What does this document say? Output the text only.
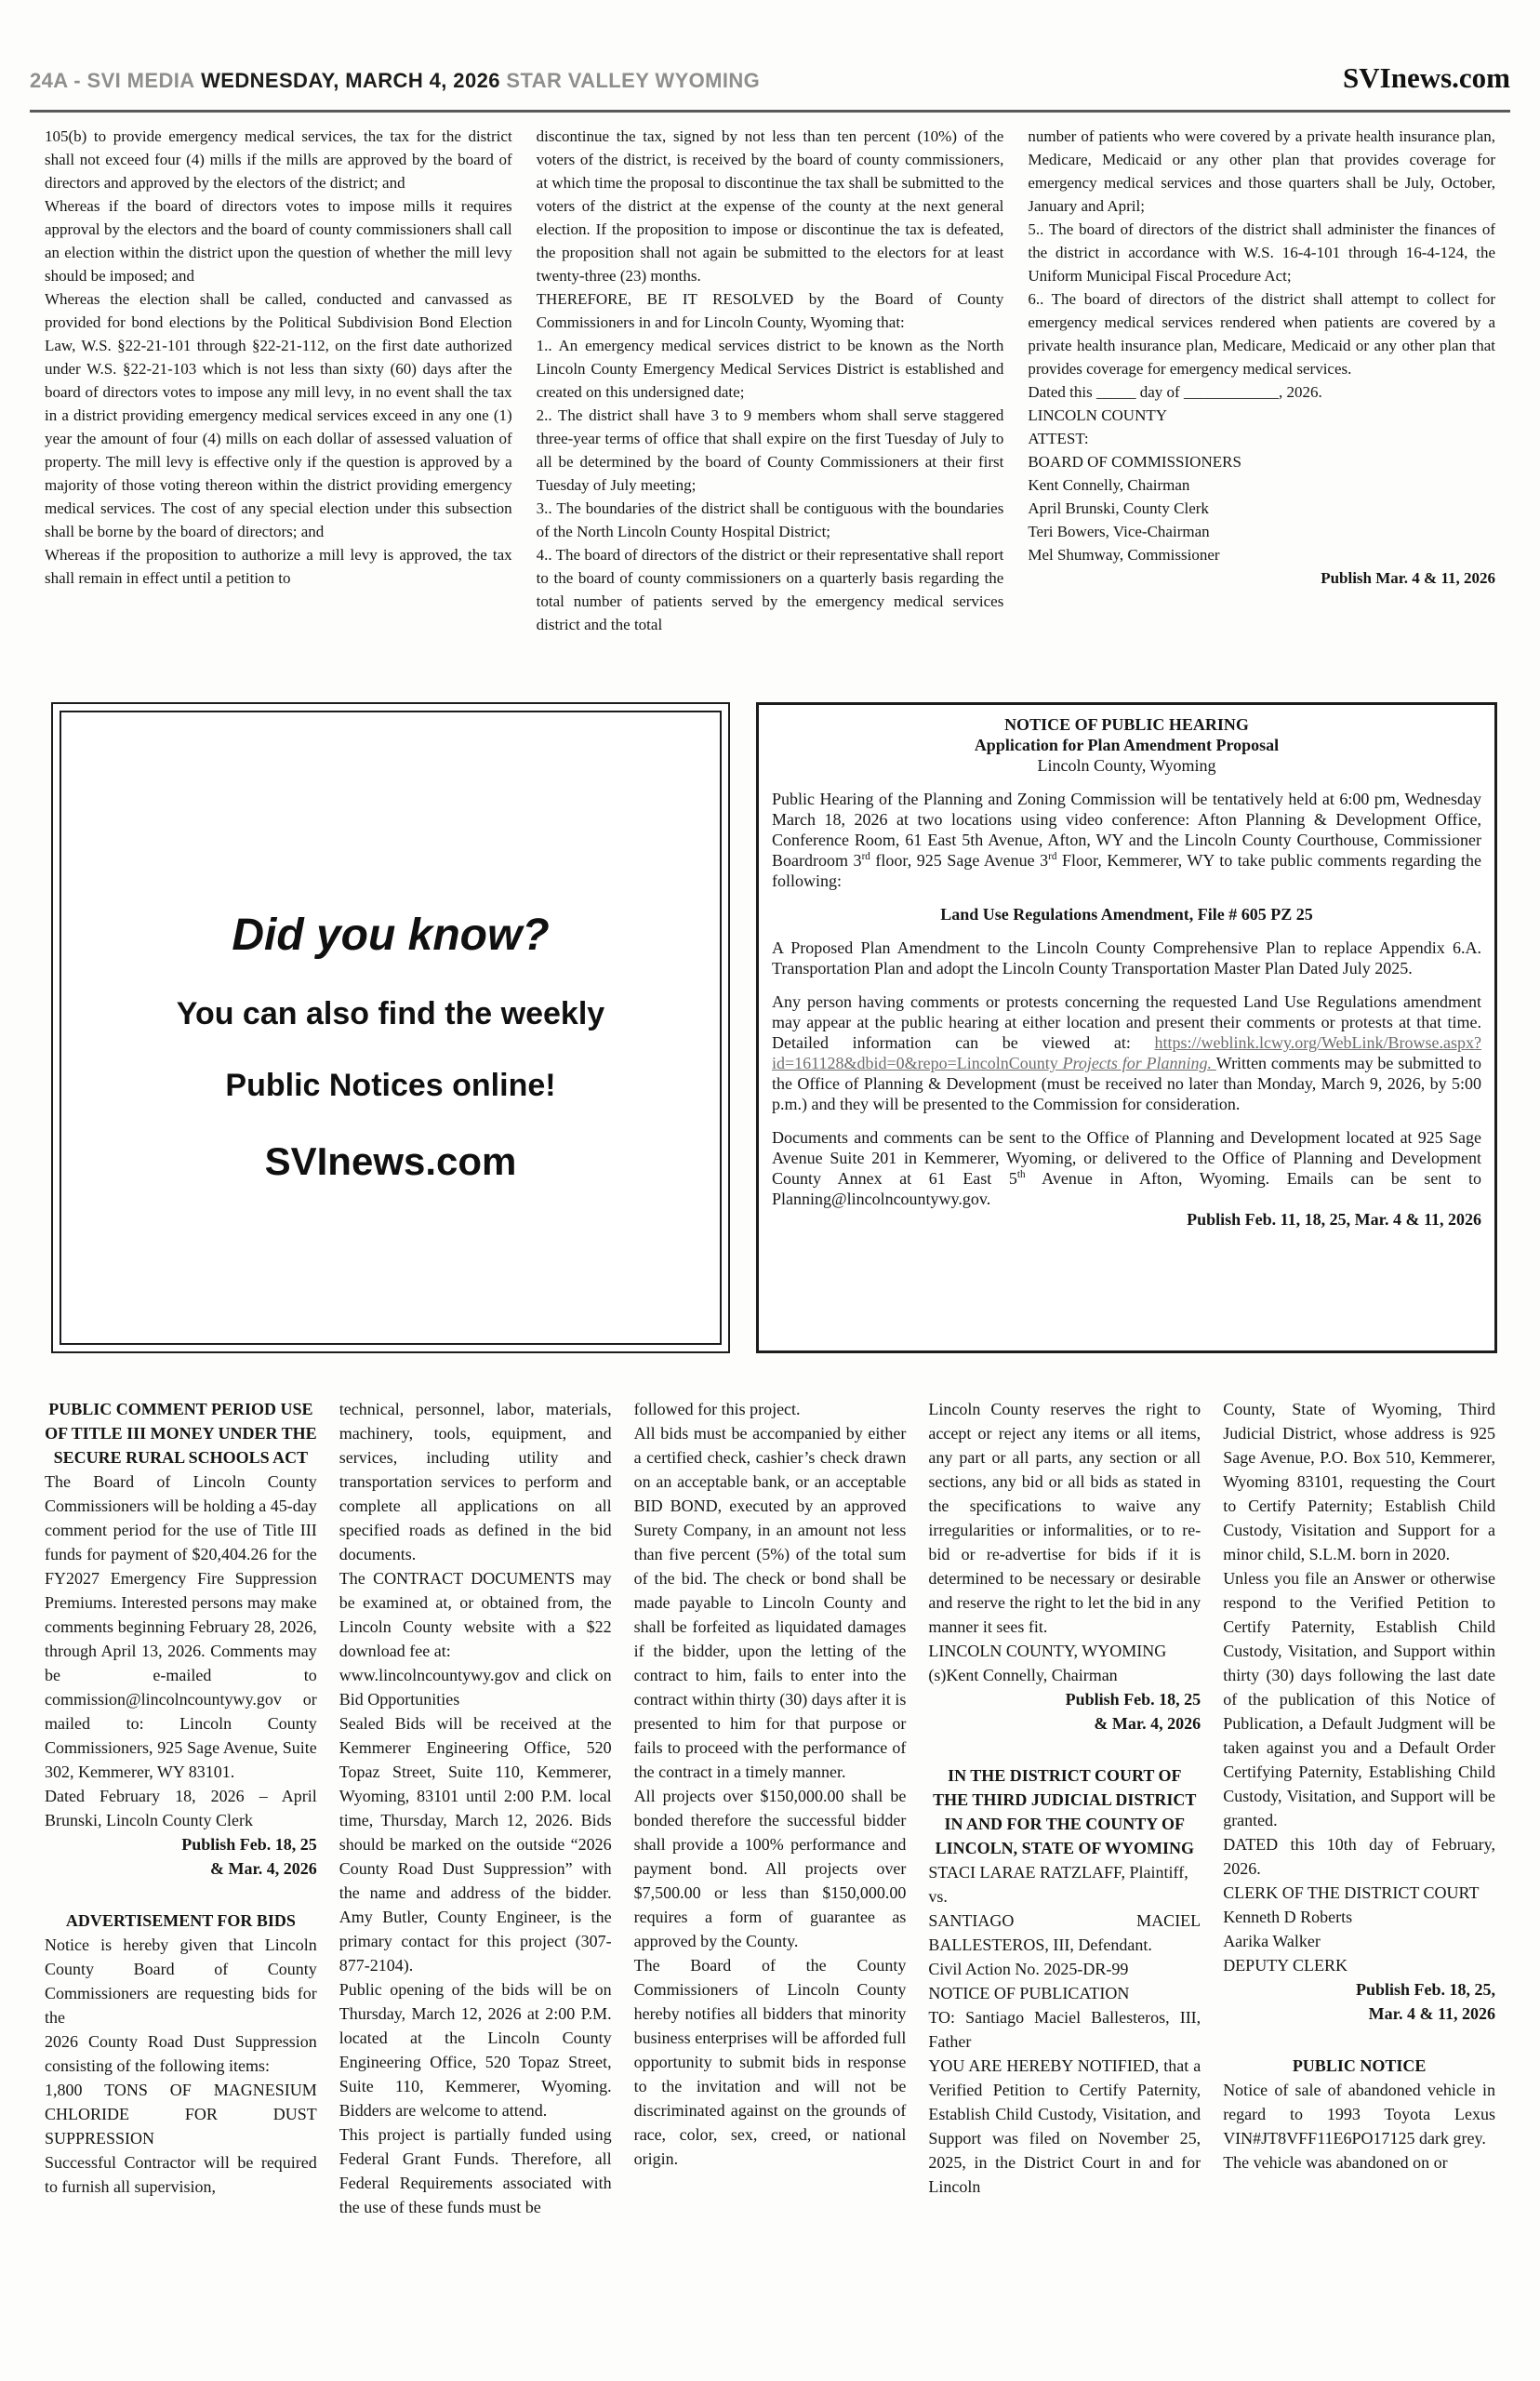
24A - SVI MEDIA WEDNESDAY, MARCH 4, 2026 STAR VALLEY WYOMING	SVInews.com

105(b) to provide emergency medical services, the tax for the district shall not exceed four (4) mills if the mills are approved by the board of directors and approved by the electors of the district; and

Whereas if the board of directors votes to impose mills it requires approval by the electors and the board of county commissioners shall call an election within the district upon the question of whether the mill levy should be imposed; and

Whereas the election shall be called, conducted and canvassed as provided for bond elections by the Political Subdivision Bond Election Law, W.S. §22-21-101 through §22-21-112, on the first date authorized under W.S. §22-21-103 which is not less than sixty (60) days after the board of directors votes to impose any mill levy, in no event shall the tax in a district providing emergency medical services exceed in any one (1) year the amount of four (4) mills on each dollar of assessed valuation of property. The mill levy is effective only if the question is approved by a majority of those voting thereon within the district providing emergency medical services. The cost of any special election under this subsection shall be borne by the board of directors; and

Whereas if the proposition to authorize a mill levy is approved, the tax shall remain in effect until a petition to

discontinue the tax, signed by not less than ten percent (10%) of the voters of the district, is received by the board of county commissioners, at which time the proposal to discontinue the tax shall be submitted to the voters of the district at the expense of the county at the next general election. If the proposition to impose or discontinue the tax is defeated, the proposition shall not again be submitted to the electors for at least twenty-three (23) months.

THEREFORE, BE IT RESOLVED by the Board of County Commissioners in and for Lincoln County, Wyoming that:

1.. An emergency medical services district to be known as the North Lincoln County Emergency Medical Services District is established and created on this undersigned date;

2.. The district shall have 3 to 9 members whom shall serve staggered three-year terms of office that shall expire on the first Tuesday of July to all be determined by the board of County Commissioners at their first Tuesday of July meeting;

3.. The boundaries of the district shall be contiguous with the boundaries of the North Lincoln County Hospital District;

4.. The board of directors of the district or their representative shall report to the board of county commissioners on a quarterly basis regarding the total number of patients served by the emergency medical services district and the total

number of patients who were covered by a private health insurance plan, Medicare, Medicaid or any other plan that provides coverage for emergency medical services and those quarters shall be July, October, January and April;

5.. The board of directors of the district shall administer the finances of the district in accordance with W.S. 16-4-101 through 16-4-124, the Uniform Municipal Fiscal Procedure Act;

6.. The board of directors of the district shall attempt to collect for emergency medical services rendered when patients are covered by a private health insurance plan, Medicare, Medicaid or any other plan that provides coverage for emergency medical services.

Dated this _____ day of ____________, 2026.

LINCOLN COUNTY

ATTEST:

BOARD OF COMMISSIONERS

Kent Connelly, Chairman

April Brunski, County Clerk

Teri Bowers, Vice-Chairman

Mel Shumway, Commissioner

Publish Mar. 4 & 11, 2026

Did you know?
You can also find the weekly
Public Notices online!
SVInews.com

NOTICE OF PUBLIC HEARING

Application for Plan Amendment Proposal

Lincoln County, Wyoming

Public Hearing of the Planning and Zoning Commission will be tentatively held at 6:00 pm, Wednesday March 18, 2026 at two locations using video conference: Afton Planning & Development Office, Conference Room, 61 East 5th Avenue, Afton, WY and the Lincoln County Courthouse, Commissioner Boardroom 3rd floor, 925 Sage Avenue 3rd Floor, Kemmerer, WY to take public comments regarding the following:

Land Use Regulations Amendment, File # 605 PZ 25

A Proposed Plan Amendment to the Lincoln County Comprehensive Plan to replace Appendix 6.A. Transportation Plan and adopt the Lincoln County Transportation Master Plan Dated July 2025.

Any person having comments or protests concerning the requested Land Use Regulations amendment may appear at the public hearing at either location and present their comments or protests at that time. Detailed information can be viewed at: https://weblink.lcwy.org/WebLink/Browse.aspx?id=161128&dbid=0&repo=LincolnCounty Projects for Planning. Written comments may be submitted to the Office of Planning & Development (must be received no later than Monday, March 9, 2026, by 5:00 p.m.) and they will be presented to the Commission for consideration.

Documents and comments can be sent to the Office of Planning and Development located at 925 Sage Avenue Suite 201 in Kemmerer, Wyoming, or delivered to the Office of Planning and Development County Annex at 61 East 5th Avenue in Afton, Wyoming. Emails can be sent to Planning@lincolncountywy.gov.

Publish Feb. 11, 18, 25, Mar. 4 & 11, 2026

PUBLIC COMMENT PERIOD USE OF TITLE III MONEY UNDER THE SECURE RURAL SCHOOLS ACT

The Board of Lincoln County Commissioners will be holding a 45-day comment period for the use of Title III funds for payment of $20,404.26 for the FY2027 Emergency Fire Suppression Premiums. Interested persons may make comments beginning February 28, 2026, through April 13, 2026. Comments may be e-mailed to commission@lincolncountywy.gov or mailed to: Lincoln County Commissioners, 925 Sage Avenue, Suite 302, Kemmerer, WY 83101.

Dated February 18, 2026 – April Brunski, Lincoln County Clerk

Publish Feb. 18, 25

& Mar. 4, 2026

ADVERTISEMENT FOR BIDS

Notice is hereby given that Lincoln County Board of County Commissioners are requesting bids for the

2026 County Road Dust Suppression consisting of the following items:

1,800 TONS OF MAGNESIUM CHLORIDE FOR DUST SUPPRESSION

Successful Contractor will be required to furnish all supervision,

technical, personnel, labor, materials, machinery, tools, equipment, and services, including utility and transportation services to perform and complete all applications on all specified roads as defined in the bid documents.

The CONTRACT DOCUMENTS may be examined at, or obtained from, the Lincoln County website with a $22 download fee at:

www.lincolncountywy.gov and click on Bid Opportunities

Sealed Bids will be received at the Kemmerer Engineering Office, 520 Topaz Street, Suite 110, Kemmerer, Wyoming, 83101 until 2:00 P.M. local time, Thursday, March 12, 2026. Bids should be marked on the outside “2026 County Road Dust Suppression” with the name and address of the bidder. Amy Butler, County Engineer, is the primary contact for this project (307-877-2104).

Public opening of the bids will be on Thursday, March 12, 2026 at 2:00 P.M. located at the Lincoln County Engineering Office, 520 Topaz Street, Suite 110, Kemmerer, Wyoming. Bidders are welcome to attend.

This project is partially funded using Federal Grant Funds. Therefore, all Federal Requirements associated with the use of these funds must be

followed for this project.

All bids must be accompanied by either a certified check, cashier’s check drawn on an acceptable bank, or an acceptable BID BOND, executed by an approved Surety Company, in an amount not less than five percent (5%) of the total sum of the bid. The check or bond shall be made payable to Lincoln County and shall be forfeited as liquidated damages if the bidder, upon the letting of the contract to him, fails to enter into the contract within thirty (30) days after it is presented to him for that purpose or fails to proceed with the performance of the contract in a timely manner.

All projects over $150,000.00 shall be bonded therefore the successful bidder shall provide a 100% performance and payment bond. All projects over $7,500.00 or less than $150,000.00 requires a form of guarantee as approved by the County.

The Board of the County Commissioners of Lincoln County hereby notifies all bidders that minority business enterprises will be afforded full opportunity to submit bids in response to the invitation and will not be discriminated against on the grounds of race, color, sex, creed, or national origin.

Lincoln County reserves the right to accept or reject any items or all items, any part or all parts, any section or all sections, any bid or all bids as stated in the specifications to waive any irregularities or informalities, or to re-bid or re-advertise for bids if it is determined to be necessary or desirable and reserve the right to let the bid in any manner it sees fit.

LINCOLN COUNTY, WYOMING

(s)Kent Connelly, Chairman

Publish Feb. 18, 25

& Mar. 4, 2026

IN THE DISTRICT COURT OF THE THIRD JUDICIAL DISTRICT IN AND FOR THE COUNTY OF LINCOLN, STATE OF WYOMING

STACI LARAE RATZLAFF, Plaintiff,

vs.

SANTIAGO MACIEL BALLESTEROS, III, Defendant.

Civil Action No. 2025-DR-99

NOTICE OF PUBLICATION

TO: Santiago Maciel Ballesteros, III, Father

YOU ARE HEREBY NOTIFIED, that a Verified Petition to Certify Paternity, Establish Child Custody, Visitation, and Support was filed on November 25, 2025, in the District Court in and for Lincoln

County, State of Wyoming, Third Judicial District, whose address is 925 Sage Avenue, P.O. Box 510, Kemmerer, Wyoming 83101, requesting the Court to Certify Paternity; Establish Child Custody, Visitation and Support for a minor child, S.L.M. born in 2020.

Unless you file an Answer or otherwise respond to the Verified Petition to Certify Paternity, Establish Child Custody, Visitation, and Support within thirty (30) days following the last date of the publication of this Notice of Publication, a Default Judgment will be taken against you and a Default Order Certifying Paternity, Establishing Child Custody, Visitation, and Support will be granted.

DATED this 10th day of February, 2026.

CLERK OF THE DISTRICT COURT

Kenneth D Roberts

Aarika Walker

DEPUTY CLERK

Publish Feb. 18, 25,

Mar. 4 & 11, 2026

PUBLIC NOTICE

Notice of sale of abandoned vehicle in regard to 1993 Toyota Lexus VIN#JT8VFF11E6PO17125 dark grey.

The vehicle was abandoned on or
